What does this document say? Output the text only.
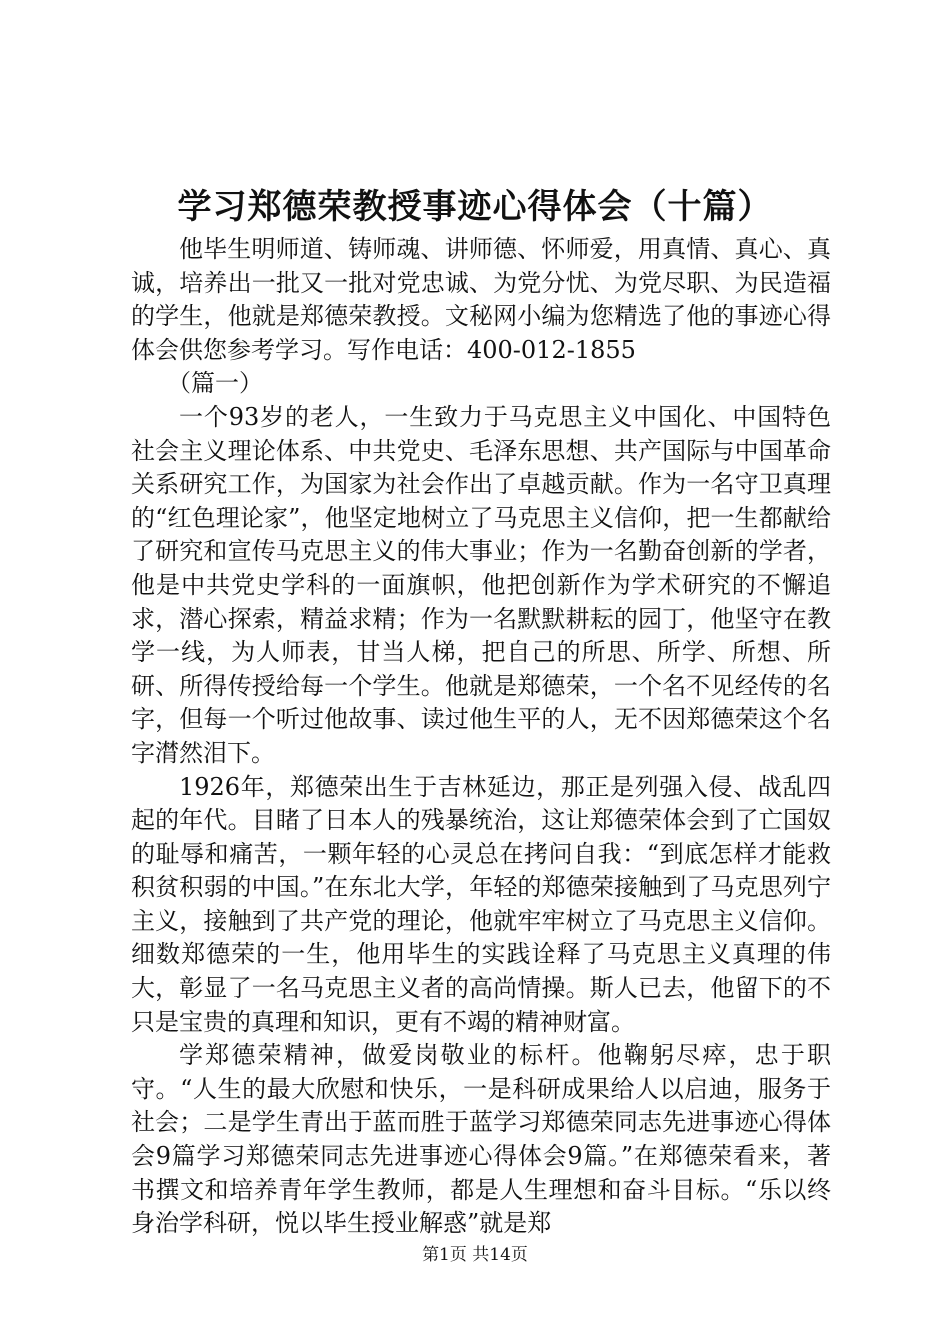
学习郑德荣教授事迹心得体会（十篇）

他毕生明师道、铸师魂、讲师德、怀师爱，用真情、真心、真诚，培养出一批又一批对党忠诚、为党分忧、为党尽职、为民造福的学生，他就是郑德荣教授。文秘网小编为您精选了他的事迹心得体会供您参考学习。写作电话：400-012-1855

（篇一）

一个93岁的老人，一生致力于马克思主义中国化、中国特色社会主义理论体系、中共党史、毛泽东思想、共产国际与中国革命关系研究工作，为国家为社会作出了卓越贡献。作为一名守卫真理的“红色理论家”，他坚定地树立了马克思主义信仰，把一生都献给了研究和宣传马克思主义的伟大事业；作为一名勤奋创新的学者，他是中共党史学科的一面旗帜，他把创新作为学术研究的不懈追求，潜心探索，精益求精；作为一名默默耕耘的园丁，他坚守在教学一线，为人师表，甘当人梯，把自己的所思、所学、所想、所研、所得传授给每一个学生。他就是郑德荣，一个名不见经传的名字，但每一个听过他故事、读过他生平的人，无不因郑德荣这个名字潸然泪下。

1926年，郑德荣出生于吉林延边，那正是列强入侵、战乱四起的年代。目睹了日本人的残暴统治，这让郑德荣体会到了亡国奴的耻辱和痛苦，一颗年轻的心灵总在拷问自我：“到底怎样才能救积贫积弱的中国。”在东北大学，年轻的郑德荣接触到了马克思列宁主义，接触到了共产党的理论，他就牢牢树立了马克思主义信仰。细数郑德荣的一生，他用毕生的实践诠释了马克思主义真理的伟大，彰显了一名马克思主义者的高尚情操。斯人已去，他留下的不只是宝贵的真理和知识，更有不竭的精神财富。

学郑德荣精神，做爱岗敬业的标杆。他鞠躬尽瘁，忠于职守。“人生的最大欣慰和快乐，一是科研成果给人以启迪，服务于社会；二是学生青出于蓝而胜于蓝学习郑德荣同志先进事迹心得体会9篇学习郑德荣同志先进事迹心得体会9篇。”在郑德荣看来，著书撰文和培养青年学生教师，都是人生理想和奋斗目标。“乐以终身治学科研，悦以毕生授业解惑”就是郑

第1页 共14页
